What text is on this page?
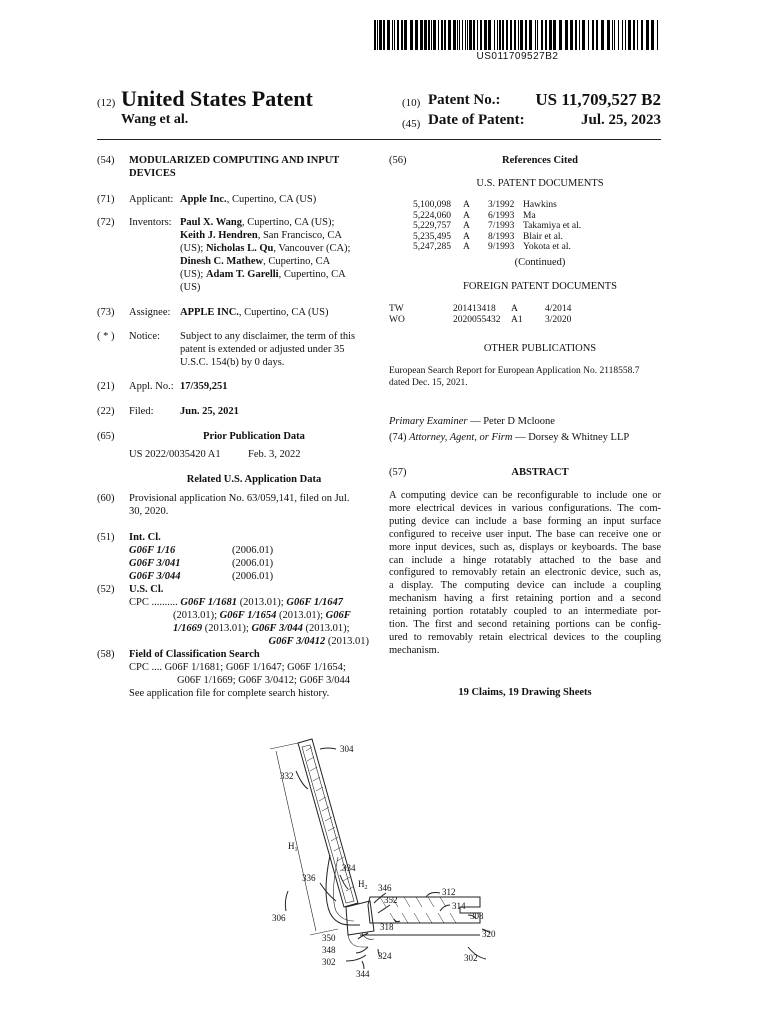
US011709527B2
(12) United States Patent
Wang et al.
(10) Patent No.:	US 11,709,527 B2
(45) Date of Patent:	Jul. 25, 2023
(54) MODULARIZED COMPUTING AND INPUT DEVICES
(71) Applicant: Apple Inc., Cupertino, CA (US)
(72) Inventors: Paul X. Wang, Cupertino, CA (US);
Keith J. Hendren, San Francisco, CA
(US); Nicholas L. Qu, Vancouver (CA);
Dinesh C. Mathew, Cupertino, CA
(US); Adam T. Garelli, Cupertino, CA
(US)
(73) Assignee: APPLE INC., Cupertino, CA (US)
( * ) Notice: Subject to any disclaimer, the term of this
patent is extended or adjusted under 35
U.S.C. 154(b) by 0 days.
(21) Appl. No.: 17/359,251
(22) Filed:	Jun. 25, 2021
(65)	Prior Publication Data
US 2022/0035420 A1	Feb. 3, 2022
Related U.S. Application Data
(60) Provisional application No. 63/059,141, filed on Jul.
30, 2020.
(51) Int. Cl.
G06F 1/16	(2006.01)
G06F 3/041	(2006.01)
G06F 3/044	(2006.01)
(52) U.S. Cl.
CPC .......... G06F 1/1681 (2013.01); G06F 1/1647
(2013.01); G06F 1/1654 (2013.01); G06F
1/1669 (2013.01); G06F 3/044 (2013.01);
G06F 3/0412 (2013.01)
(58) Field of Classification Search
CPC .... G06F 1/1681; G06F 1/1647; G06F 1/1654;
G06F 1/1669; G06F 3/0412; G06F 3/044
See application file for complete search history.
(56)	References Cited
U.S. PATENT DOCUMENTS
5,100,098	A	3/1992 Hawkins
5,224,060	A	6/1993 Ma
5,229,757	A	7/1993 Takamiya et al.
5,235,495	A	8/1993 Blair et al.
5,247,285	A	9/1993 Yokota et al.
(Continued)
FOREIGN PATENT DOCUMENTS
TW	201413418	A	4/2014
WO	2020055432	A1	3/2020
OTHER PUBLICATIONS
European Search Report for European Application No. 2118558.7
dated Dec. 15, 2021.
Primary Examiner — Peter D Mcloone
(74) Attorney, Agent, or Firm — Dorsey & Whitney LLP
(57)	ABSTRACT
A computing device can be reconfigurable to include one or
more electrical devices in various configurations. The com-
puting device can include a base forming an input surface
configured to receive user input. The base can receive one or
more input devices, such as, displays or keyboards. The base
can include a hinge rotatably attached to the base and
configured to removably retain an electronic device, such as,
a display. The computing device can include a coupling
mechanism having a first retaining portion and a second
retaining portion rotatably coupled to an intermediate por-
tion. The first and second retaining portions can be config-
ured to removably retain electrical devices to the coupling
mechanism.
19 Claims, 19 Drawing Sheets
304
332
$H_1$
334
336
$H_2$ 346
352
312
314
308
306
318
320
350
348
302
324
344
302
